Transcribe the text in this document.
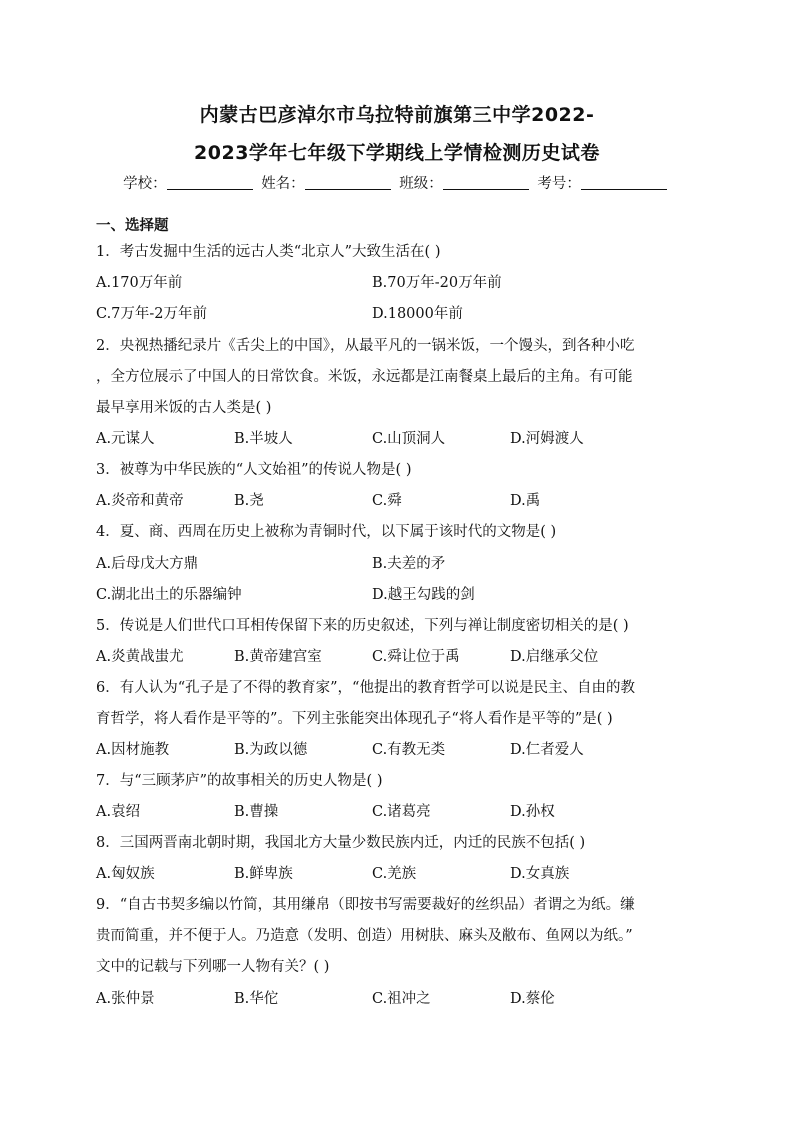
内蒙古巴彦淖尔市乌拉特前旗第三中学2022-
2023学年七年级下学期线上学情检测历史试卷
学校：	姓名：	班级：	考号：
一、选择题
1．考古发掘中生活的远古人类“北京人”大致生活在( )
A.170万年前	B.70万年-20万年前
C.7万年-2万年前	D.18000年前
2．央视热播纪录片《舌尖上的中国》，从最平凡的一锅米饭，一个馒头，到各种小吃
，全方位展示了中国人的日常饮食。米饭，永远都是江南餐桌上最后的主角。有可能
最早享用米饭的古人类是( )
A.元谋人	B.半坡人	C.山顶洞人	D.河姆渡人
3．被尊为中华民族的“人文始祖”的传说人物是( )
A.炎帝和黄帝	B.尧	C.舜	D.禹
4．夏、商、西周在历史上被称为青铜时代，以下属于该时代的文物是( )
A.后母戊大方鼎	B.夫差的矛
C.湖北出土的乐器编钟	D.越王勾践的剑
5．传说是人们世代口耳相传保留下来的历史叙述，下列与禅让制度密切相关的是( )
A.炎黄战蚩尤	B.黄帝建宫室	C.舜让位于禹	D.启继承父位
6．有人认为“孔子是了不得的教育家”，“他提出的教育哲学可以说是民主、自由的教
育哲学，将人看作是平等的”。下列主张能突出体现孔子“将人看作是平等的”是( )
A.因材施教	B.为政以德	C.有教无类	D.仁者爱人
7．与“三顾茅庐”的故事相关的历史人物是( )
A.袁绍	B.曹操	C.诸葛亮	D.孙权
8．三国两晋南北朝时期，我国北方大量少数民族内迁，内迁的民族不包括( )
A.匈奴族	B.鲜卑族	C.羌族	D.女真族
9．“自古书契多编以竹简，其用缣帛（即按书写需要裁好的丝织品）者谓之为纸。缣
贵而简重，并不便于人。乃造意（发明、创造）用树肤、麻头及敝布、鱼网以为纸。”
文中的记载与下列哪一人物有关？( )
A.张仲景	B.华佗	C.祖冲之	D.蔡伦
